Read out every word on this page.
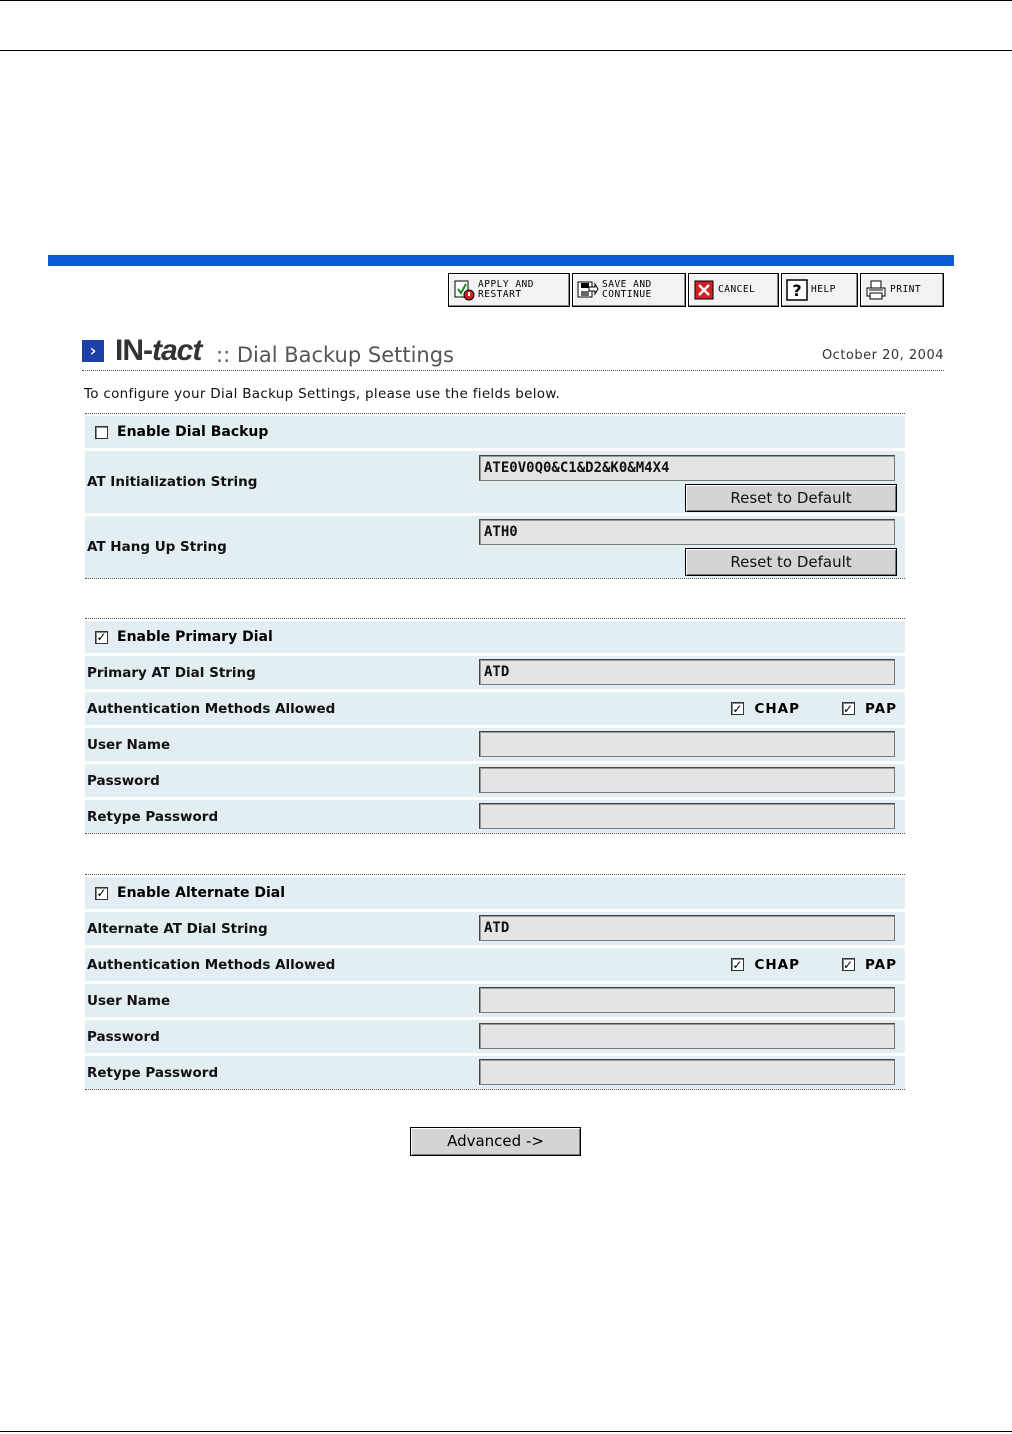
APPLY AND
RESTART
SAVE AND
CONTINUE	CANCEL ? HELP	PRINT
› IN-tact :: Dial Backup Settings	October 20, 2004
To configure your Dial Backup Settings, please use the fields below.
Enable Dial Backup
AT Initialization String
ATE0V0Q0&C1&D2&K0&M4X4
Reset to Default
AT Hang Up String
ATH0
Reset to Default
✓ Enable Primary Dial
Primary AT Dial String	ATD
Authentication Methods Allowed	✓ CHAP	✓ PAP
User Name
Password
Retype Password
✓ Enable Alternate Dial
Alternate AT Dial String	ATD
Authentication Methods Allowed	✓ CHAP	✓ PAP
User Name
Password
Retype Password
Advanced ->
